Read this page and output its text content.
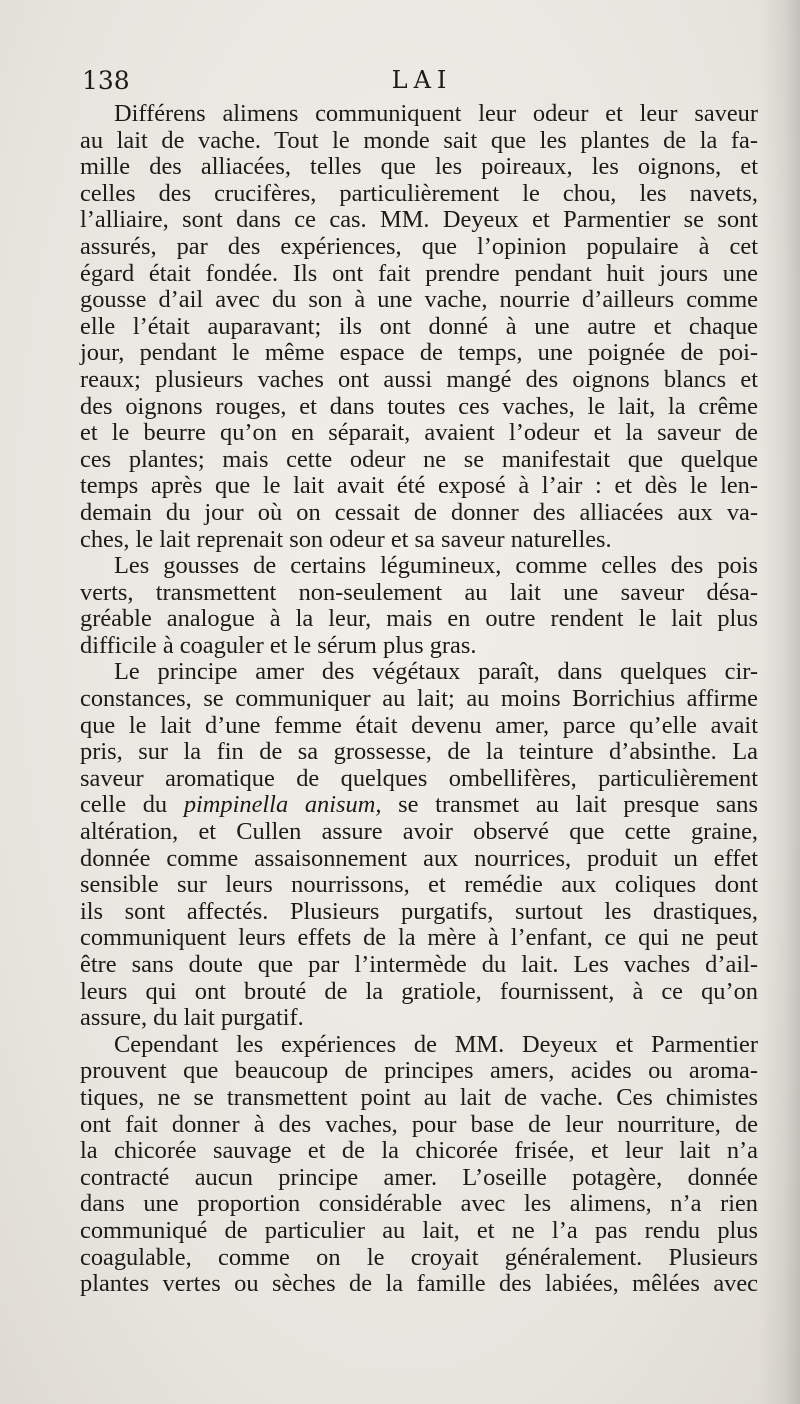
138	LAI

Différens alimens communiquent leur odeur et leur saveur
au lait de vache. Tout le monde sait que les plantes de la fa-
mille des alliacées, telles que les poireaux, les oignons, et
celles des crucifères, particulièrement le chou, les navets,
l’alliaire, sont dans ce cas. MM. Deyeux et Parmentier se sont
assurés, par des expériences, que l’opinion populaire à cet
égard était fondée. Ils ont fait prendre pendant huit jours une
gousse d’ail avec du son à une vache, nourrie d’ailleurs comme
elle l’était auparavant; ils ont donné à une autre et chaque
jour, pendant le même espace de temps, une poignée de poi-
reaux; plusieurs vaches ont aussi mangé des oignons blancs et
des oignons rouges, et dans toutes ces vaches, le lait, la crême
et le beurre qu’on en séparait, avaient l’odeur et la saveur de
ces plantes; mais cette odeur ne se manifestait que quelque
temps après que le lait avait été exposé à l’air : et dès le len-
demain du jour où on cessait de donner des alliacées aux va-
ches, le lait reprenait son odeur et sa saveur naturelles.

Les gousses de certains légumineux, comme celles des pois
verts, transmettent non-seulement au lait une saveur désa-
gréable analogue à la leur, mais en outre rendent le lait plus
difficile à coaguler et le sérum plus gras.

Le principe amer des végétaux paraît, dans quelques cir-
constances, se communiquer au lait; au moins Borrichius affirme
que le lait d’une femme était devenu amer, parce qu’elle avait
pris, sur la fin de sa grossesse, de la teinture d’absinthe. La
saveur aromatique de quelques ombellifères, particulièrement
celle du pimpinella anisum, se transmet au lait presque sans
altération, et Cullen assure avoir observé que cette graine,
donnée comme assaisonnement aux nourrices, produit un effet
sensible sur leurs nourrissons, et remédie aux coliques dont
ils sont affectés. Plusieurs purgatifs, surtout les drastiques,
communiquent leurs effets de la mère à l’enfant, ce qui ne peut
être sans doute que par l’intermède du lait. Les vaches d’ail-
leurs qui ont brouté de la gratiole, fournissent, à ce qu’on
assure, du lait purgatif.

Cependant les expériences de MM. Deyeux et Parmentier
prouvent que beaucoup de principes amers, acides ou aroma-
tiques, ne se transmettent point au lait de vache. Ces chimistes
ont fait donner à des vaches, pour base de leur nourriture, de
la chicorée sauvage et de la chicorée frisée, et leur lait n’a
contracté aucun principe amer. L’oseille potagère, donnée
dans une proportion considérable avec les alimens, n’a rien
communiqué de particulier au lait, et ne l’a pas rendu plus
coagulable, comme on le croyait généralement. Plusieurs
plantes vertes ou sèches de la famille des labiées, mêlées avec
